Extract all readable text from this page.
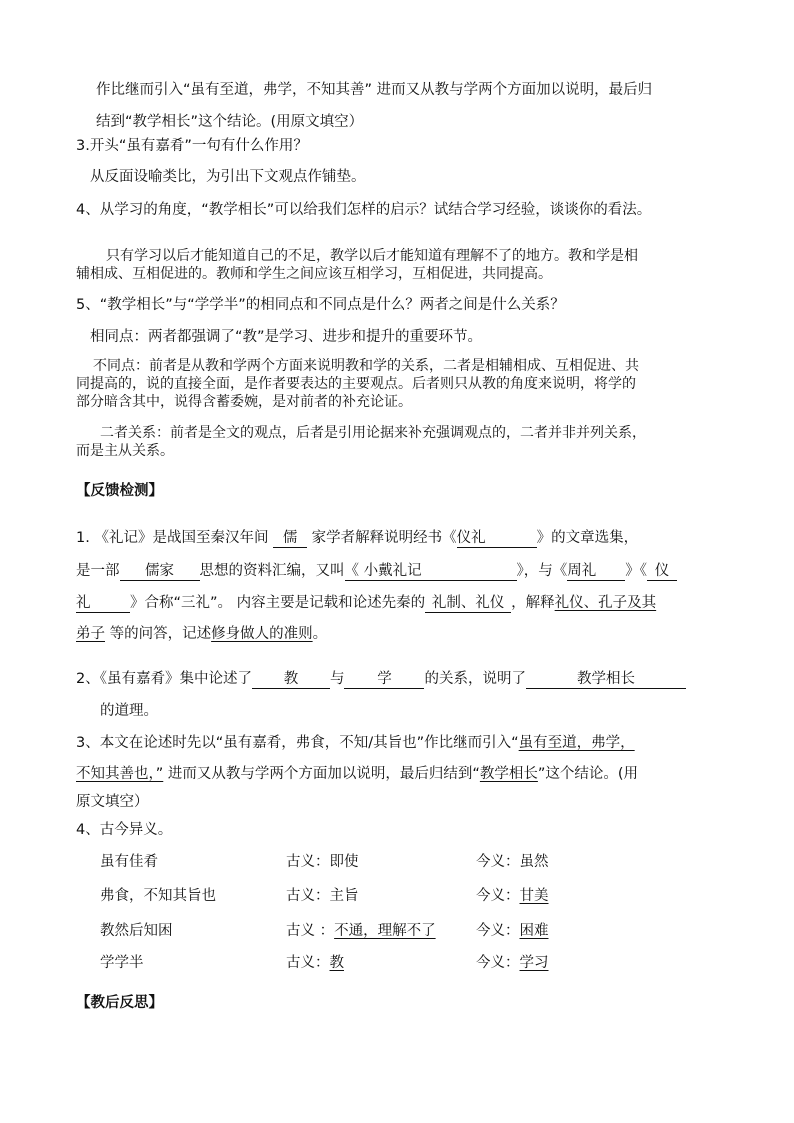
作比继而引入“虽有至道，弗学，不知其善” 进而又从教与学两个方面加以说明，最后归
结到“教学相长”这个结论。(用原文填空）
3.开头“虽有嘉肴”一句有什么作用？
从反面设喻类比，为引出下文观点作铺垫。
4、从学习的角度，“教学相长”可以给我们怎样的启示？试结合学习经验，谈谈你的看法。
只有学习以后才能知道自己的不足，教学以后才能知道有理解不了的地方。教和学是相
辅相成、互相促进的。教师和学生之间应该互相学习，互相促进，共同提高。
5、“教学相长”与“学学半”的相同点和不同点是什么？两者之间是什么关系？
相同点：两者都强调了“教”是学习、进步和提升的重要环节。
不同点：前者是从教和学两个方面来说明教和学的关系，二者是相辅相成、互相促进、共
同提高的，说的直接全面，是作者要表达的主要观点。后者则只从教的角度来说明，将学的
部分暗含其中，说得含蓄委婉，是对前者的补充论证。
二者关系：前者是全文的观点，后者是引用论据来补充强调观点的，二者并非并列关系，
而是主从关系。
【反馈检测】
1. 《礼记》是战国至秦汉年间 儒 家学者解释说明经书《仪礼	》的文章选集，
是一部 儒家 思想的资料汇编，又叫《 小戴礼记	》，与《周礼 》《 仪
礼	》合称“三礼”。 内容主要是记载和论述先秦的 礼制、礼仪 ，解释礼仪、孔子及其
弟子 等的问答，记述修身做人的准则。
2、《虽有嘉肴》集中论述了 教 与 学 的关系，说明了	教学相长
的道理。
3、本文在论述时先以“虽有嘉肴，弗食，不知/其旨也”作比继而引入“虽有至道，弗学，
不知其善也，” 进而又从教与学两个方面加以说明，最后归结到“教学相长”这个结论。(用
原文填空）
4、古今异义。
虽有佳肴	古义：即使	今义：虽然
弗食，不知其旨也	古义：主旨	今义：甘美
教然后知困	古义 ：不通，理解不了	今义：困难
学学半	古义：教	今义：学习
【教后反思】
